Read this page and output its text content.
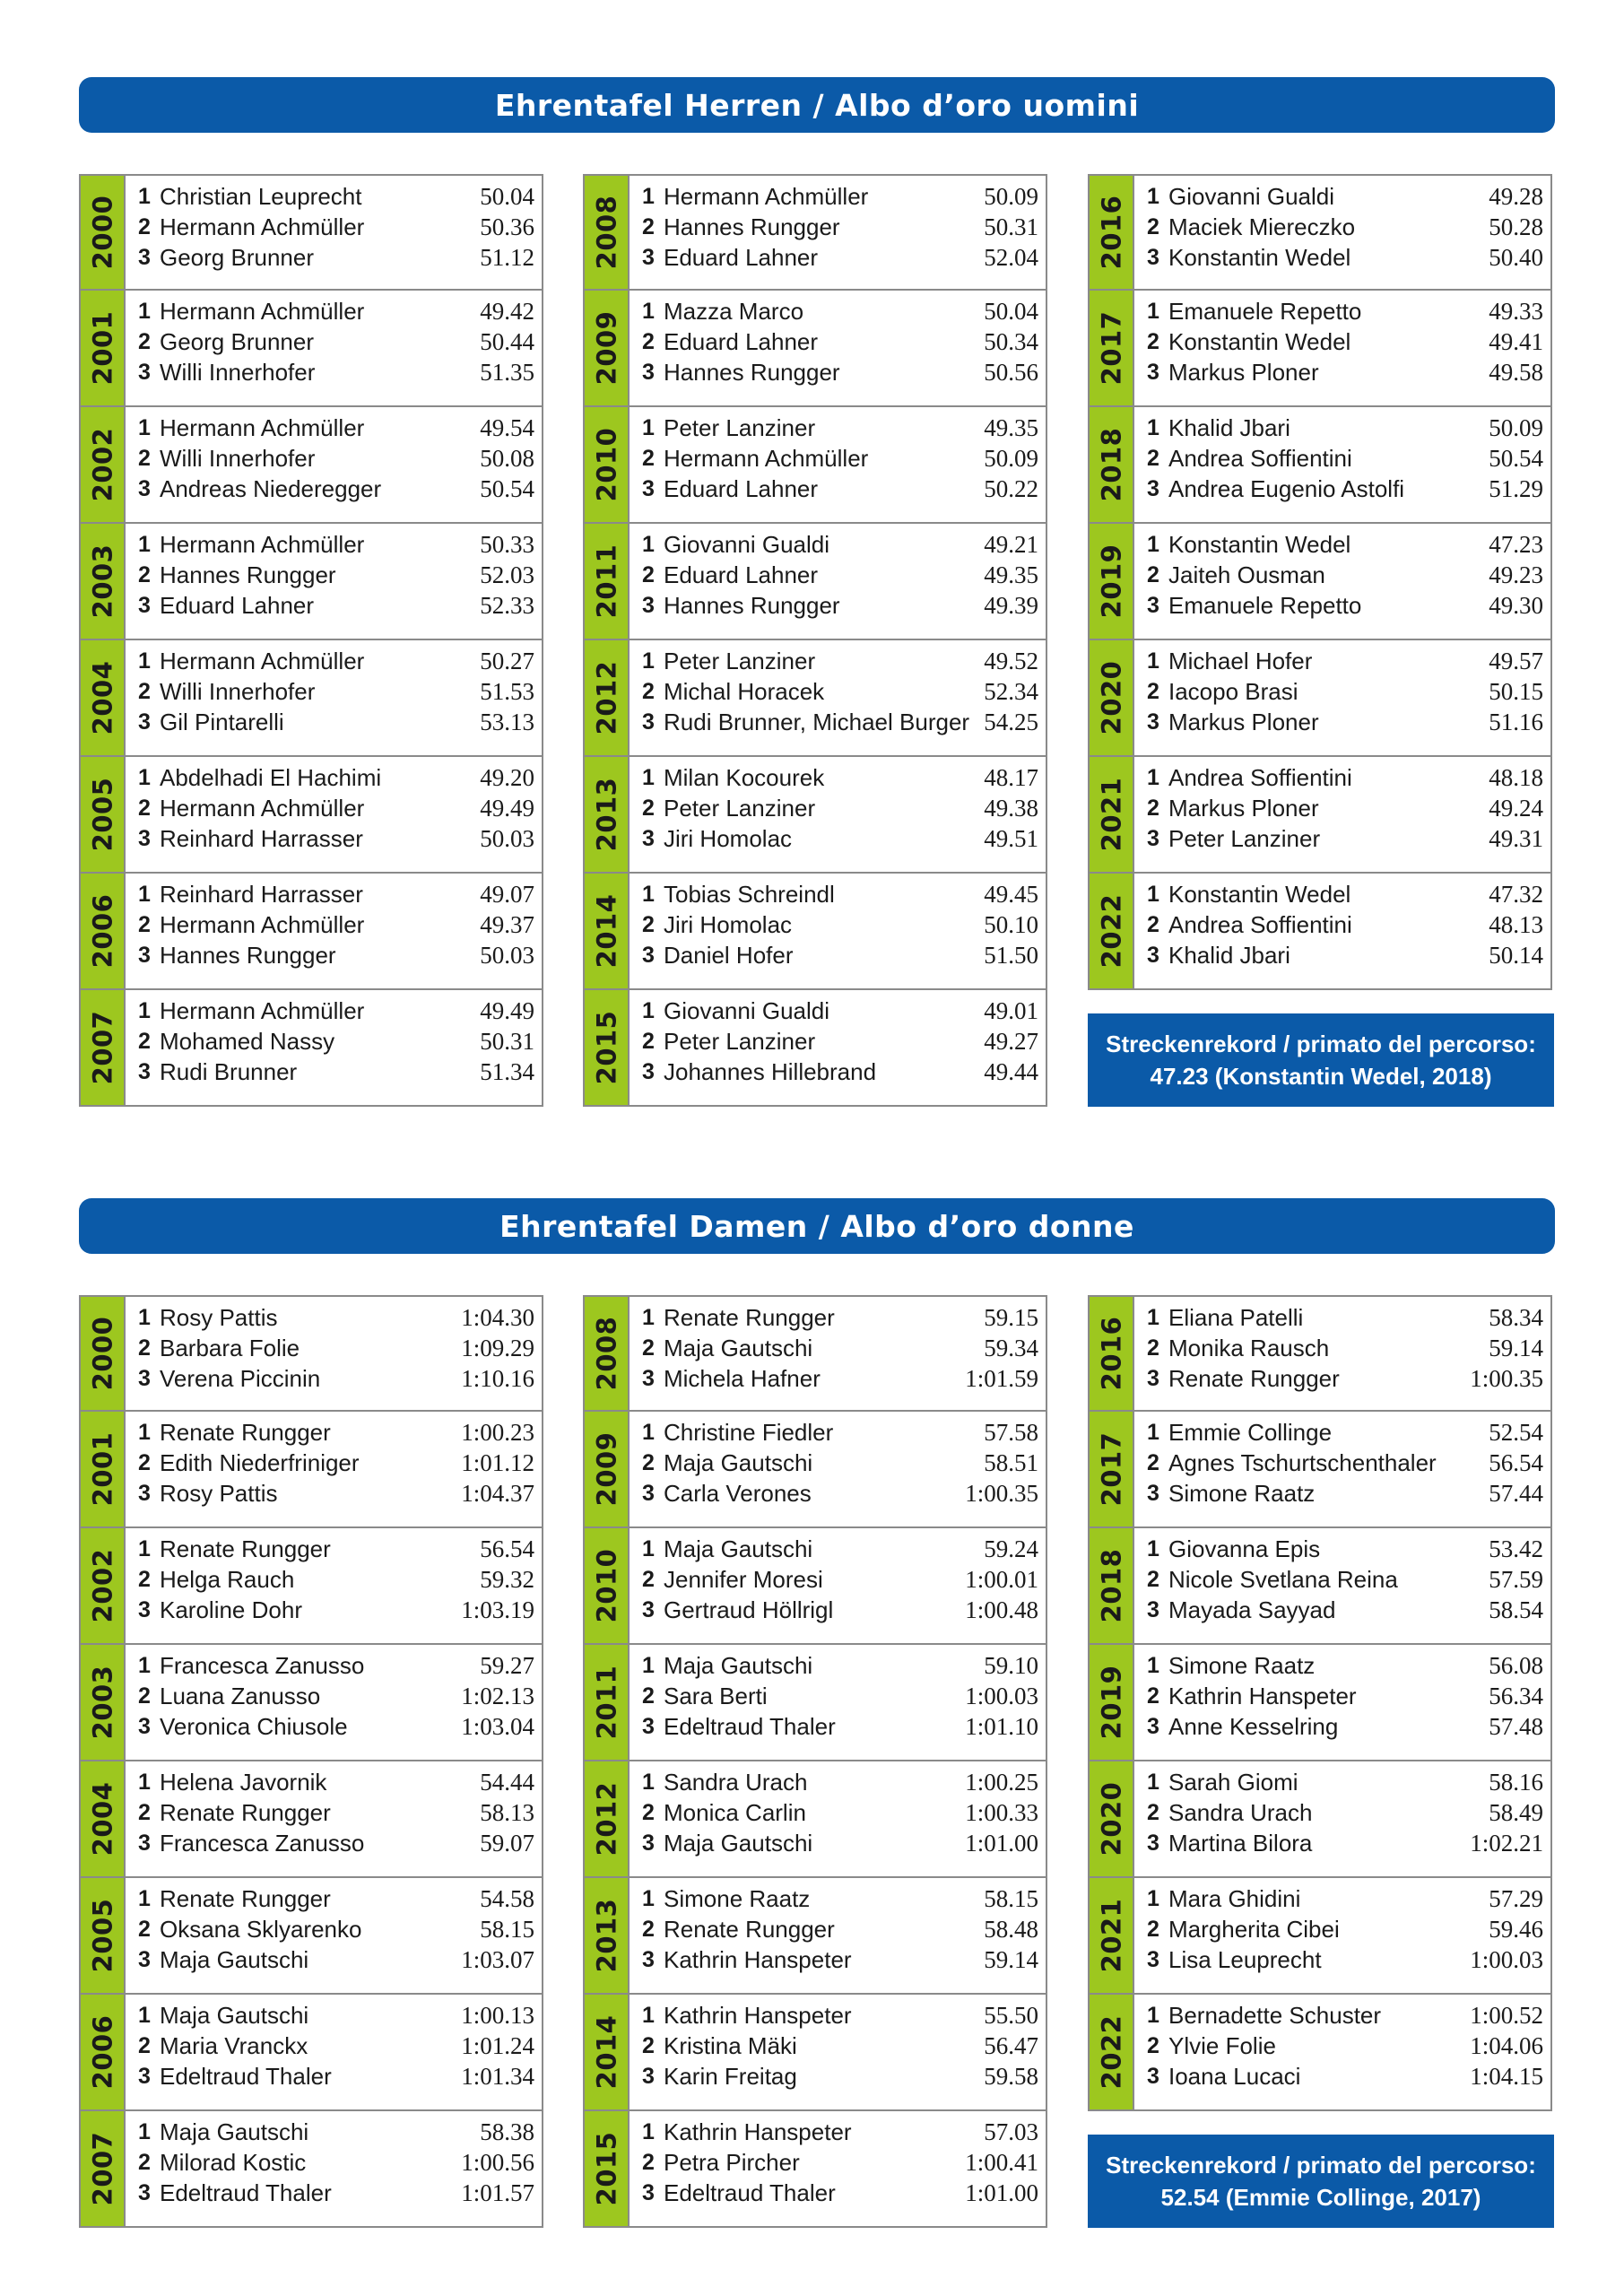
Ehrentafel Herren / Albo d’oro uomini
2000 1 Christian Leuprecht	50.04
2 Hermann Achmüller	50.36
3 Georg Brunner	51.12
2001
1 Hermann Achmüller	49.42
2 Georg Brunner	50.44
3 Willi Innerhofer	51.35
2002
1 Hermann Achmüller	49.54
2 Willi Innerhofer	50.08
3 Andreas Niederegger	50.54
2003
1 Hermann Achmüller	50.33
2 Hannes Rungger	52.03
3 Eduard Lahner	52.33
2004
1 Hermann Achmüller	50.27
2 Willi Innerhofer	51.53
3 Gil Pintarelli	53.13
2005
1 Abdelhadi El Hachimi	49.20
2 Hermann Achmüller	49.49
3 Reinhard Harrasser	50.03
2006
1 Reinhard Harrasser	49.07
2 Hermann Achmüller	49.37
3 Hannes Rungger	50.03
2007
1 Hermann Achmüller	49.49
2 Mohamed Nassy	50.31
3 Rudi Brunner	51.34
2008 1 Hermann Achmüller	50.09
2 Hannes Rungger	50.31
3 Eduard Lahner	52.04
2009
1 Mazza Marco	50.04
2 Eduard Lahner	50.34
3 Hannes Rungger	50.56
2010
1 Peter Lanziner	49.35
2 Hermann Achmüller	50.09
3 Eduard Lahner	50.22
2011
1 Giovanni Gualdi	49.21
2 Eduard Lahner	49.35
3 Hannes Rungger	49.39
2012
1 Peter Lanziner	49.52
2 Michal Horacek	52.34
3 Rudi Brunner, Michael Burger 54.25
2013
1 Milan Kocourek	48.17
2 Peter Lanziner	49.38
3 Jiri Homolac	49.51
2014
1 Tobias Schreindl	49.45
2 Jiri Homolac	50.10
3 Daniel Hofer	51.50
2015
1 Giovanni Gualdi	49.01
2 Peter Lanziner	49.27
3 Johannes Hillebrand	49.44
2016 1 Giovanni Gualdi	49.28
2 Maciek Miereczko	50.28
3 Konstantin Wedel	50.40
2017
1 Emanuele Repetto	49.33
2 Konstantin Wedel	49.41
3 Markus Ploner	49.58
2018
1 Khalid Jbari	50.09
2 Andrea Soffientini	50.54
3 Andrea Eugenio Astolfi	51.29
2019
1 Konstantin Wedel	47.23
2 Jaiteh Ousman	49.23
3 Emanuele Repetto	49.30
2020
1 Michael Hofer	49.57
2 Iacopo Brasi	50.15
3 Markus Ploner	51.16
2021
1 Andrea Soffientini	48.18
2 Markus Ploner	49.24
3 Peter Lanziner	49.31
2022
1 Konstantin Wedel	47.32
2 Andrea Soffientini	48.13
3 Khalid Jbari	50.14
Streckenrekord / primato del percorso:
47.23 (Konstantin Wedel, 2018)
Ehrentafel Damen / Albo d’oro donne
2000 1 Rosy Pattis	1:04.30
2 Barbara Folie	1:09.29
3 Verena Piccinin	1:10.16
2001
1 Renate Rungger	1:00.23
2 Edith Niederfriniger	1:01.12
3 Rosy Pattis	1:04.37
2002
1 Renate Rungger	56.54
2 Helga Rauch	59.32
3 Karoline Dohr	1:03.19
2003
1 Francesca Zanusso	59.27
2 Luana Zanusso	1:02.13
3 Veronica Chiusole	1:03.04
2004
1 Helena Javornik	54.44
2 Renate Rungger	58.13
3 Francesca Zanusso	59.07
2005
1 Renate Rungger	54.58
2 Oksana Sklyarenko	58.15
3 Maja Gautschi	1:03.07
2006
1 Maja Gautschi	1:00.13
2 Maria Vranckx	1:01.24
3 Edeltraud Thaler	1:01.34
2007
1 Maja Gautschi	58.38
2 Milorad Kostic	1:00.56
3 Edeltraud Thaler	1:01.57
2008 1 Renate Rungger	59.15
2 Maja Gautschi	59.34
3 Michela Hafner	1:01.59
2009
1 Christine Fiedler	57.58
2 Maja Gautschi	58.51
3 Carla Verones	1:00.35
2010
1 Maja Gautschi	59.24
2 Jennifer Moresi	1:00.01
3 Gertraud Höllrigl	1:00.48
2011
1 Maja Gautschi	59.10
2 Sara Berti	1:00.03
3 Edeltraud Thaler	1:01.10
2012
1 Sandra Urach	1:00.25
2 Monica Carlin	1:00.33
3 Maja Gautschi	1:01.00
2013
1 Simone Raatz	58.15
2 Renate Rungger	58.48
3 Kathrin Hanspeter	59.14
2014
1 Kathrin Hanspeter	55.50
2 Kristina Mäki	56.47
3 Karin Freitag	59.58
2015
1 Kathrin Hanspeter	57.03
2 Petra Pircher	1:00.41
3 Edeltraud Thaler	1:01.00
2016 1 Eliana Patelli	58.34
2 Monika Rausch	59.14
3 Renate Rungger	1:00.35
2017
1 Emmie Collinge	52.54
2 Agnes Tschurtschenthaler	56.54
3 Simone Raatz	57.44
2018
1 Giovanna Epis	53.42
2 Nicole Svetlana Reina	57.59
3 Mayada Sayyad	58.54
2019
1 Simone Raatz	56.08
2 Kathrin Hanspeter	56.34
3 Anne Kesselring	57.48
2020
1 Sarah Giomi	58.16
2 Sandra Urach	58.49
3 Martina Bilora	1:02.21
2021
1 Mara Ghidini	57.29
2 Margherita Cibei	59.46
3 Lisa Leuprecht	1:00.03
2022
1 Bernadette Schuster	1:00.52
2 Ylvie Folie	1:04.06
3 Ioana Lucaci	1:04.15
Streckenrekord / primato del percorso:
52.54 (Emmie Collinge, 2017)
